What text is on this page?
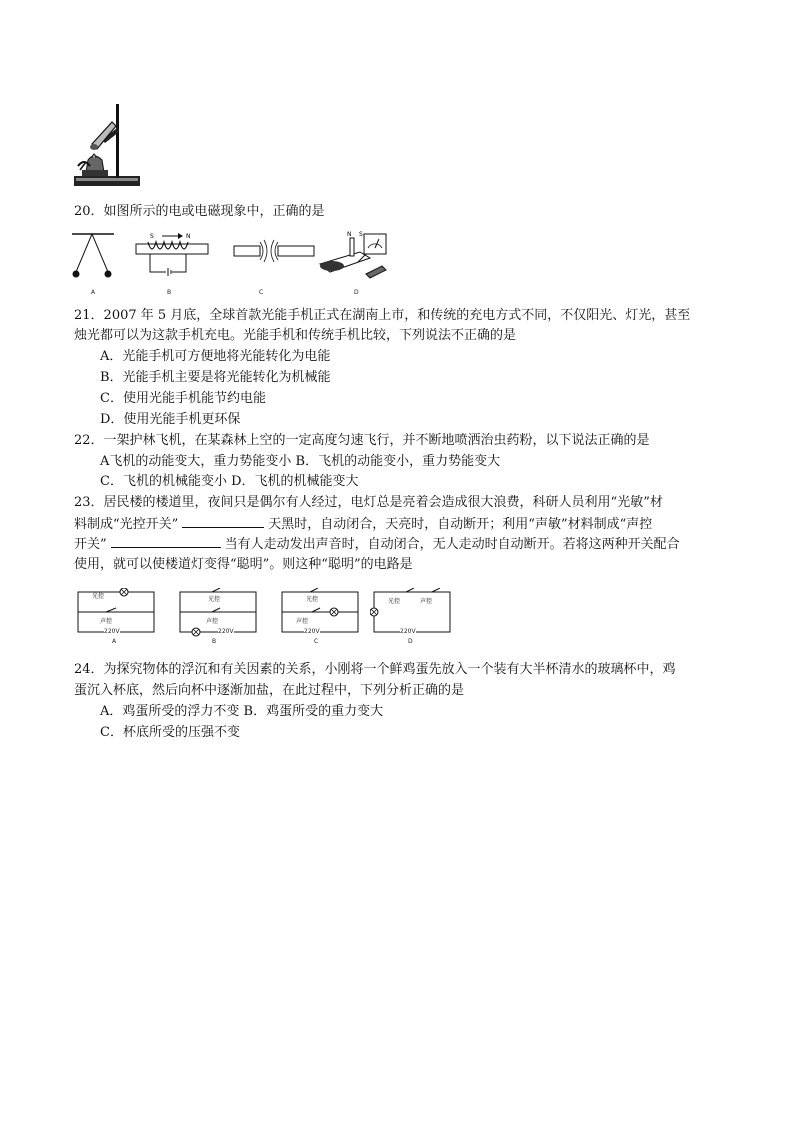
20．如图所示的电或电磁现象中，正确的是
S	N	N S
A	B	C	D
21．2007 年 5 月底，全球首款光能手机正式在湖南上市，和传统的充电方式不同，不仅阳光、灯光，甚至
烛光都可以为这款手机充电。光能手机和传统手机比较，下列说法不正确的是
A．光能手机可方便地将光能转化为电能
B．光能手机主要是将光能转化为机械能
C．使用光能手机能节约电能
D．使用光能手机更环保
22．一架护林飞机，在某森林上空的一定高度匀速飞行，并不断地喷洒治虫药粉，以下说法正确的是
A飞机的动能变大，重力势能变小 B．飞机的动能变小，重力势能变大
C．飞机的机械能变小 D．飞机的机械能变大
23．居民楼的楼道里，夜间只是偶尔有人经过，电灯总是亮着会造成很大浪费，科研人员利用“光敏”材
料制成“光控开关”	天黑时，自动闭合，天亮时，自动断开；利用“声敏”材料制成“声控
开关”	当有人走动发出声音时，自动闭合，无人走动时自动断开。若将这两种开关配合
使用，就可以使楼道灯变得“聪明”。则这种“聪明”的电路是
光控
声控
220V
A
光控
声控
220V
B
光控
声控
220V
C
光控	声控
220V
D
24．为探究物体的浮沉和有关因素的关系，小刚将一个鲜鸡蛋先放入一个装有大半杯清水的玻璃杯中，鸡
蛋沉入杯底，然后向杯中逐渐加盐，在此过程中，下列分析正确的是
A．鸡蛋所受的浮力不变 B．鸡蛋所受的重力变大
C．杯底所受的压强不变
